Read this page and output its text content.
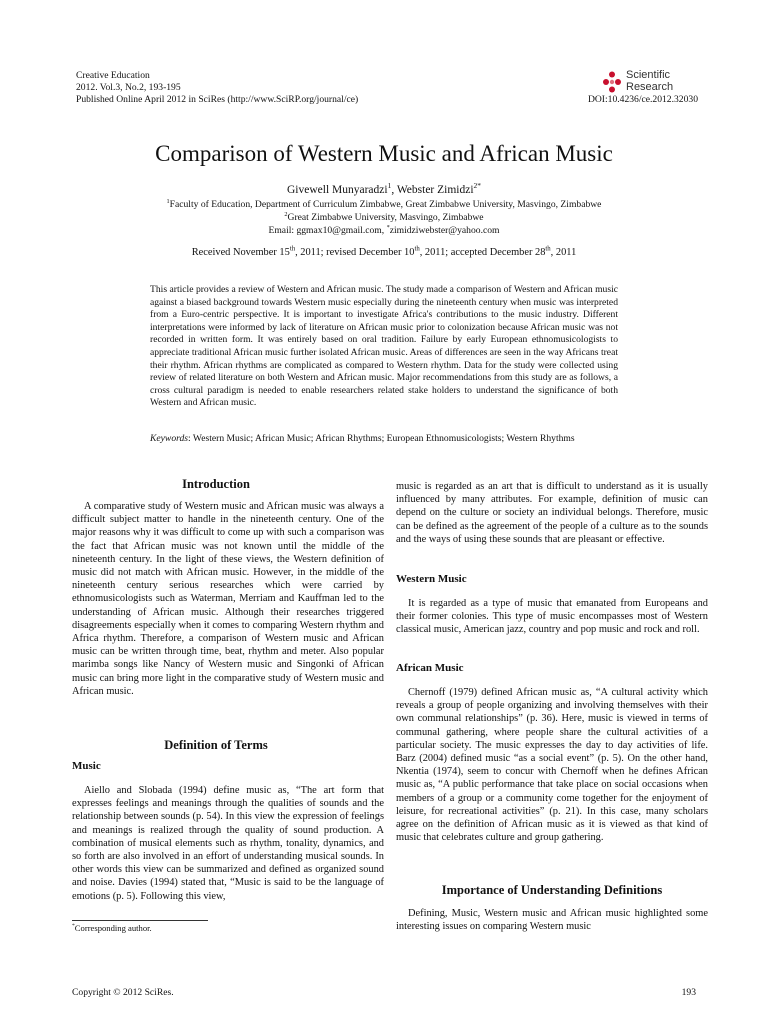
Creative Education
2012. Vol.3, No.2, 193-195
Published Online April 2012 in SciRes (http://www.SciRP.org/journal/ce)
Scientific
Research
DOI:10.4236/ce.2012.32030
Comparison of Western Music and African Music
Givewell Munyaradzi$^1$, Webster Zimidzi$^{2*}$
$^1$Faculty of Education, Department of Curriculum Zimbabwe, Great Zimbabwe University, Masvingo, Zimbabwe
$^2$Great Zimbabwe University, Masvingo, Zimbabwe
Email: ggmax10@gmail.com, *zimidziwebster@yahoo.com
Received November 15th, 2011; revised December 10th, 2011; accepted December 28th, 2011
This article provides a review of Western and African music. The study made a comparison of Western and African music against a biased background towards Western music especially during the nineteenth century when music was interpreted from a Euro-centric perspective. It is important to investigate Africa's contributions to the music industry. Different interpretations were informed by lack of literature on African music prior to colonization because African music was not recorded in written form. It was entirely based on oral tradition. Failure by early European ethnomusicologists to appreciate traditional African music further isolated African music. Areas of differences are seen in the way Africans treat their rhythm. African rhythms are complicated as compared to Western rhythm. Data for the study were collected using review of related literature on both Western and African music. Major recommendations from this study are as follows, a cross cultural paradigm is needed to enable researchers related stake holders to understand the significance of both Western and African music.
Keywords: Western Music; African Music; African Rhythms; European Ethnomusicologists; Western Rhythms
Introduction

A comparative study of Western music and African music was always a difficult subject matter to handle in the nineteenth century. One of the major reasons why it was difficult to come up with such a comparison was the fact that African music was not known until the middle of the nineteenth century. In the light of these views, the Western definition of music did not match with African music. However, in the middle of the nineteenth century serious researches which were carried by ethnomusicologists such as Waterman, Merriam and Kauffman led to the understanding of African music. Although their researches triggered disagreements especially when it comes to comparing Western rhythm and Africa rhythm. Therefore, a comparison of Western music and African music can be written through time, beat, rhythm and meter. Also popular marimba songs like Nancy of Western music and Singonki of African music can bring more light in the comparative study of Western music and African music.

Definition of Terms
Music

Aiello and Slobada (1994) define music as, “The art form that expresses feelings and meanings through the qualities of sounds and the relationship between sounds (p. 54). In this view the expression of feelings and meanings is realized through the quality of sound production. A combination of musical elements such as rhythm, tonality, dynamics, and so forth are also involved in an effort of understanding musical sounds. In other words this view can be summarized and defined as organized sound and noise. Davies (1994) stated that, “Music is said to be the language of emotions (p. 5). Following this view,

*Corresponding author.
music is regarded as an art that is difficult to understand as it is usually influenced by many attributes. For example, definition of music can depend on the culture or society an individual belongs. Therefore, music can be defined as the agreement of the people of a culture as to the sounds and the ways of using these sounds that are pleasant or effective.
Western Music

It is regarded as a type of music that emanated from Europeans and their former colonies. This type of music encompasses most of Western classical music, American jazz, country and pop music and rock and roll.

African Music

Chernoff (1979) defined African music as, “A cultural activity which reveals a group of people organizing and involving themselves with their own communal relationships” (p. 36). Here, music is viewed in terms of communal gathering, where people share the cultural activities of a particular society. The music expresses the day to day activities of life. Barz (2004) defined music “as a social event” (p. 5). On the other hand, Nkentia (1974), seem to concur with Chernoff when he defines African music as, “A public performance that take place on social occasions when members of a group or a community come together for the enjoyment of leisure, for recreational activities” (p. 21). In this case, many scholars agree on the definition of African music as it is viewed as that kind of music that celebrates culture and group gathering.

Importance of Understanding Definitions

Defining, Music, Western music and African music highlighted some interesting issues on comparing Western music

Copyright © 2012 SciRes.	193
